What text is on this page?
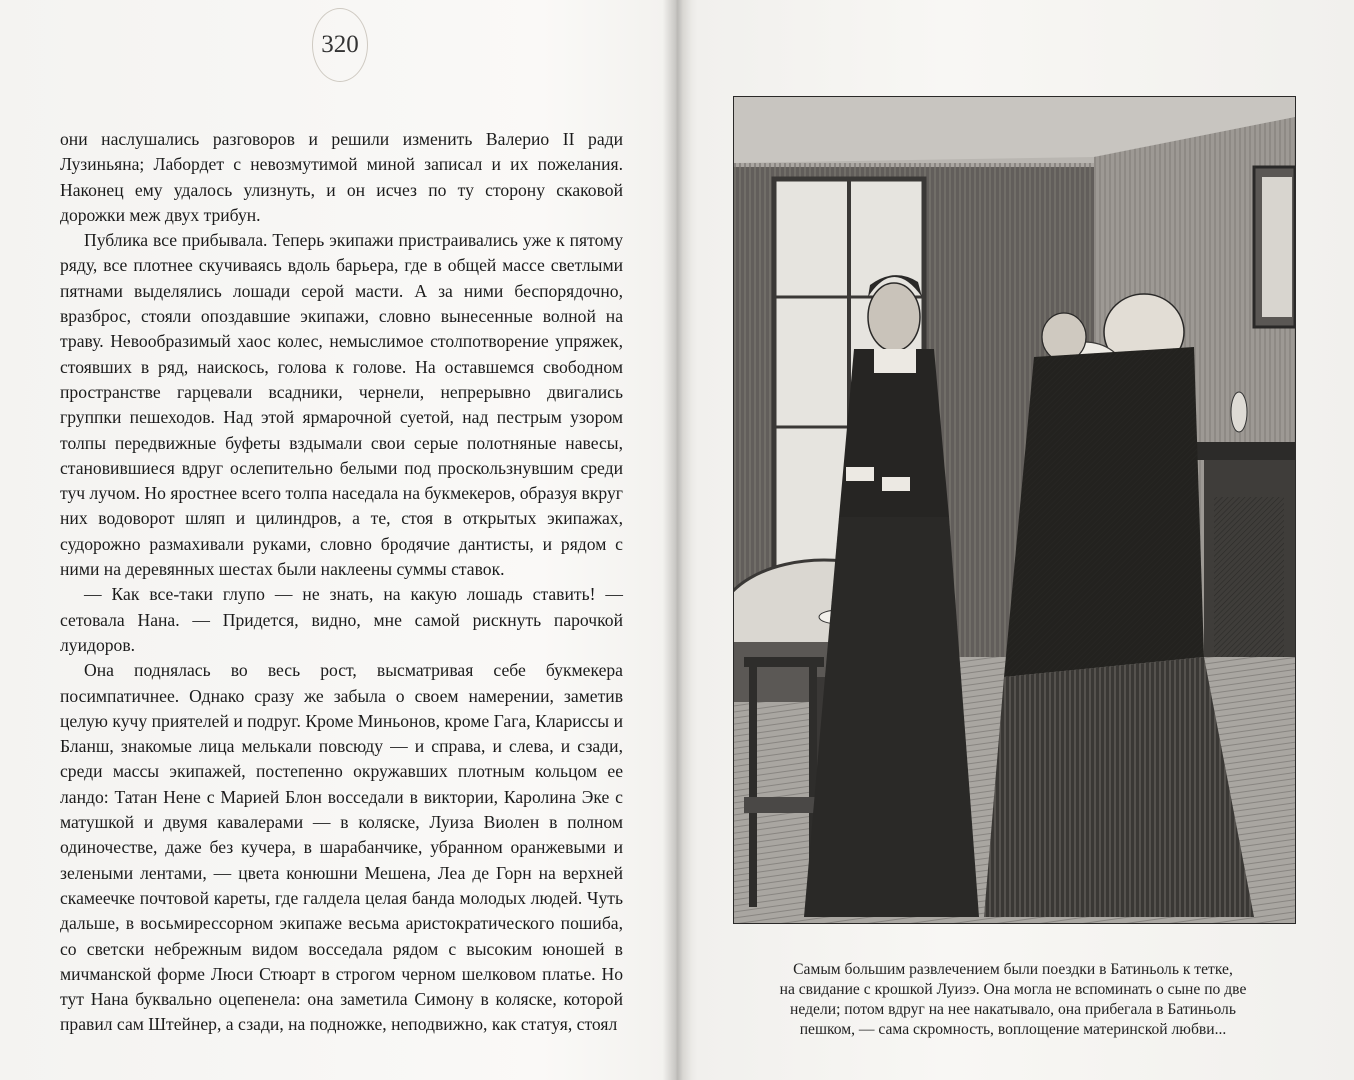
320

они наслушались разговоров и решили изменить Валерио II ради Лузиньяна; Лабордет с невозмутимой миной записал и их пожелания. Наконец ему удалось улизнуть, и он исчез по ту сторону скаковой дорожки меж двух трибун.

Публика все прибывала. Теперь экипажи пристраивались уже к пятому ряду, все плотнее скучиваясь вдоль барьера, где в общей массе светлыми пятнами выделялись лошади серой масти. А за ними беспорядочно, вразброс, стояли опоздавшие экипажи, словно вынесенные волной на траву. Невообразимый хаос колес, немыслимое столпотворение упряжек, стоявших в ряд, наискось, голова к голове. На оставшемся свободном пространстве гарцевали всадники, чернели, непрерывно двигались группки пешеходов. Над этой ярмарочной суетой, над пестрым узором толпы передвижные буфеты вздымали свои серые полотняные навесы, становившиеся вдруг ослепительно белыми под проскользнувшим среди туч лучом. Но яростнее всего толпа наседала на букмекеров, образуя вкруг них водоворот шляп и цилиндров, а те, стоя в открытых экипажах, судорожно размахивали руками, словно бродячие дантисты, и рядом с ними на деревянных шестах были наклеены суммы ставок.

— Как все-таки глупо — не знать, на какую лошадь ставить! — сетовала Нана. — Придется, видно, мне самой рискнуть парочкой луидоров.

Она поднялась во весь рост, высматривая себе букмекера посимпатичнее. Однако сразу же забыла о своем намерении, заметив целую кучу приятелей и подруг. Кроме Миньонов, кроме Гага, Клариссы и Бланш, знакомые лица мелькали повсюду — и справа, и слева, и сзади, среди массы экипажей, постепенно окружавших плотным кольцом ее ландо: Татан Нене с Марией Блон восседали в виктории, Каролина Эке с матушкой и двумя кавалерами — в коляске, Луиза Виолен в полном одиночестве, даже без кучера, в шарабанчике, убранном оранжевыми и зелеными лентами, — цвета конюшни Мешена, Леа де Горн на верхней скамеечке почтовой кареты, где галдела целая банда молодых людей. Чуть дальше, в восьмирессорном экипаже весьма аристократического пошиба, со светски небрежным видом восседала рядом с высоким юношей в мичманской форме Люси Стюарт в строгом черном шелковом платье. Но тут Нана буквально оцепенела: она заметила Симону в коляске, которой правил сам Штейнер, а сзади, на подножке, неподвижно, как статуя, стоял

Самым большим развлечением были поездки в Батиньоль к тетке,
на свидание с крошкой Луизэ. Она могла не вспоминать о сыне по две
недели; потом вдруг на нее накатывало, она прибегала в Батиньоль
пешком, — сама скромность, воплощение материнской любви...
